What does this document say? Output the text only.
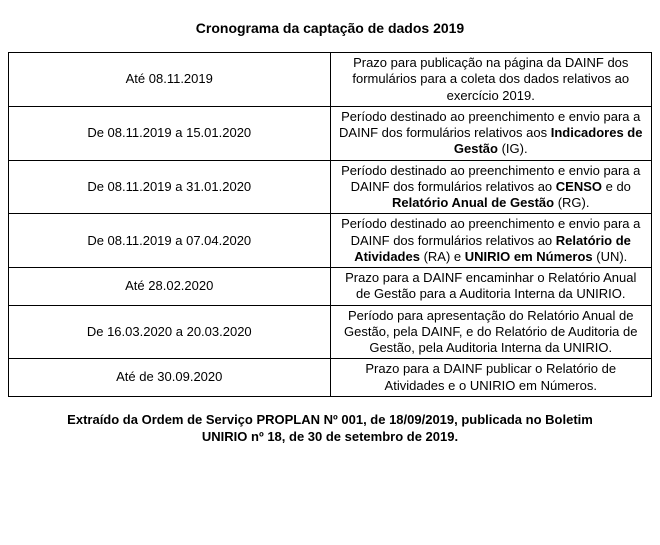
Cronograma da captação de dados 2019
Até 08.11.2019	Prazo para publicação na página da DAINF dos formulários para a coleta dos dados relativos ao exercício 2019.
De 08.11.2019 a 15.01.2020	Período destinado ao preenchimento e envio para a DAINF dos formulários relativos aos Indicadores de Gestão (IG).
De 08.11.2019 a 31.01.2020	Período destinado ao preenchimento e envio para a DAINF dos formulários relativos ao CENSO e do Relatório Anual de Gestão (RG).
De 08.11.2019 a 07.04.2020	Período destinado ao preenchimento e envio para a DAINF dos formulários relativos ao Relatório de Atividades (RA) e UNIRIO em Números (UN).
Até 28.02.2020	Prazo para a DAINF encaminhar o Relatório Anual de Gestão para a Auditoria Interna da UNIRIO.
De 16.03.2020 a 20.03.2020	Período para apresentação do Relatório Anual de Gestão, pela DAINF, e do Relatório de Auditoria de Gestão, pela Auditoria Interna da UNIRIO.
Até de 30.09.2020	Prazo para a DAINF publicar o Relatório de Atividades e o UNIRIO em Números.
Extraído da Ordem de Serviço PROPLAN Nº 001, de 18/09/2019, publicada no Boletim UNIRIO nº 18, de 30 de setembro de 2019.
